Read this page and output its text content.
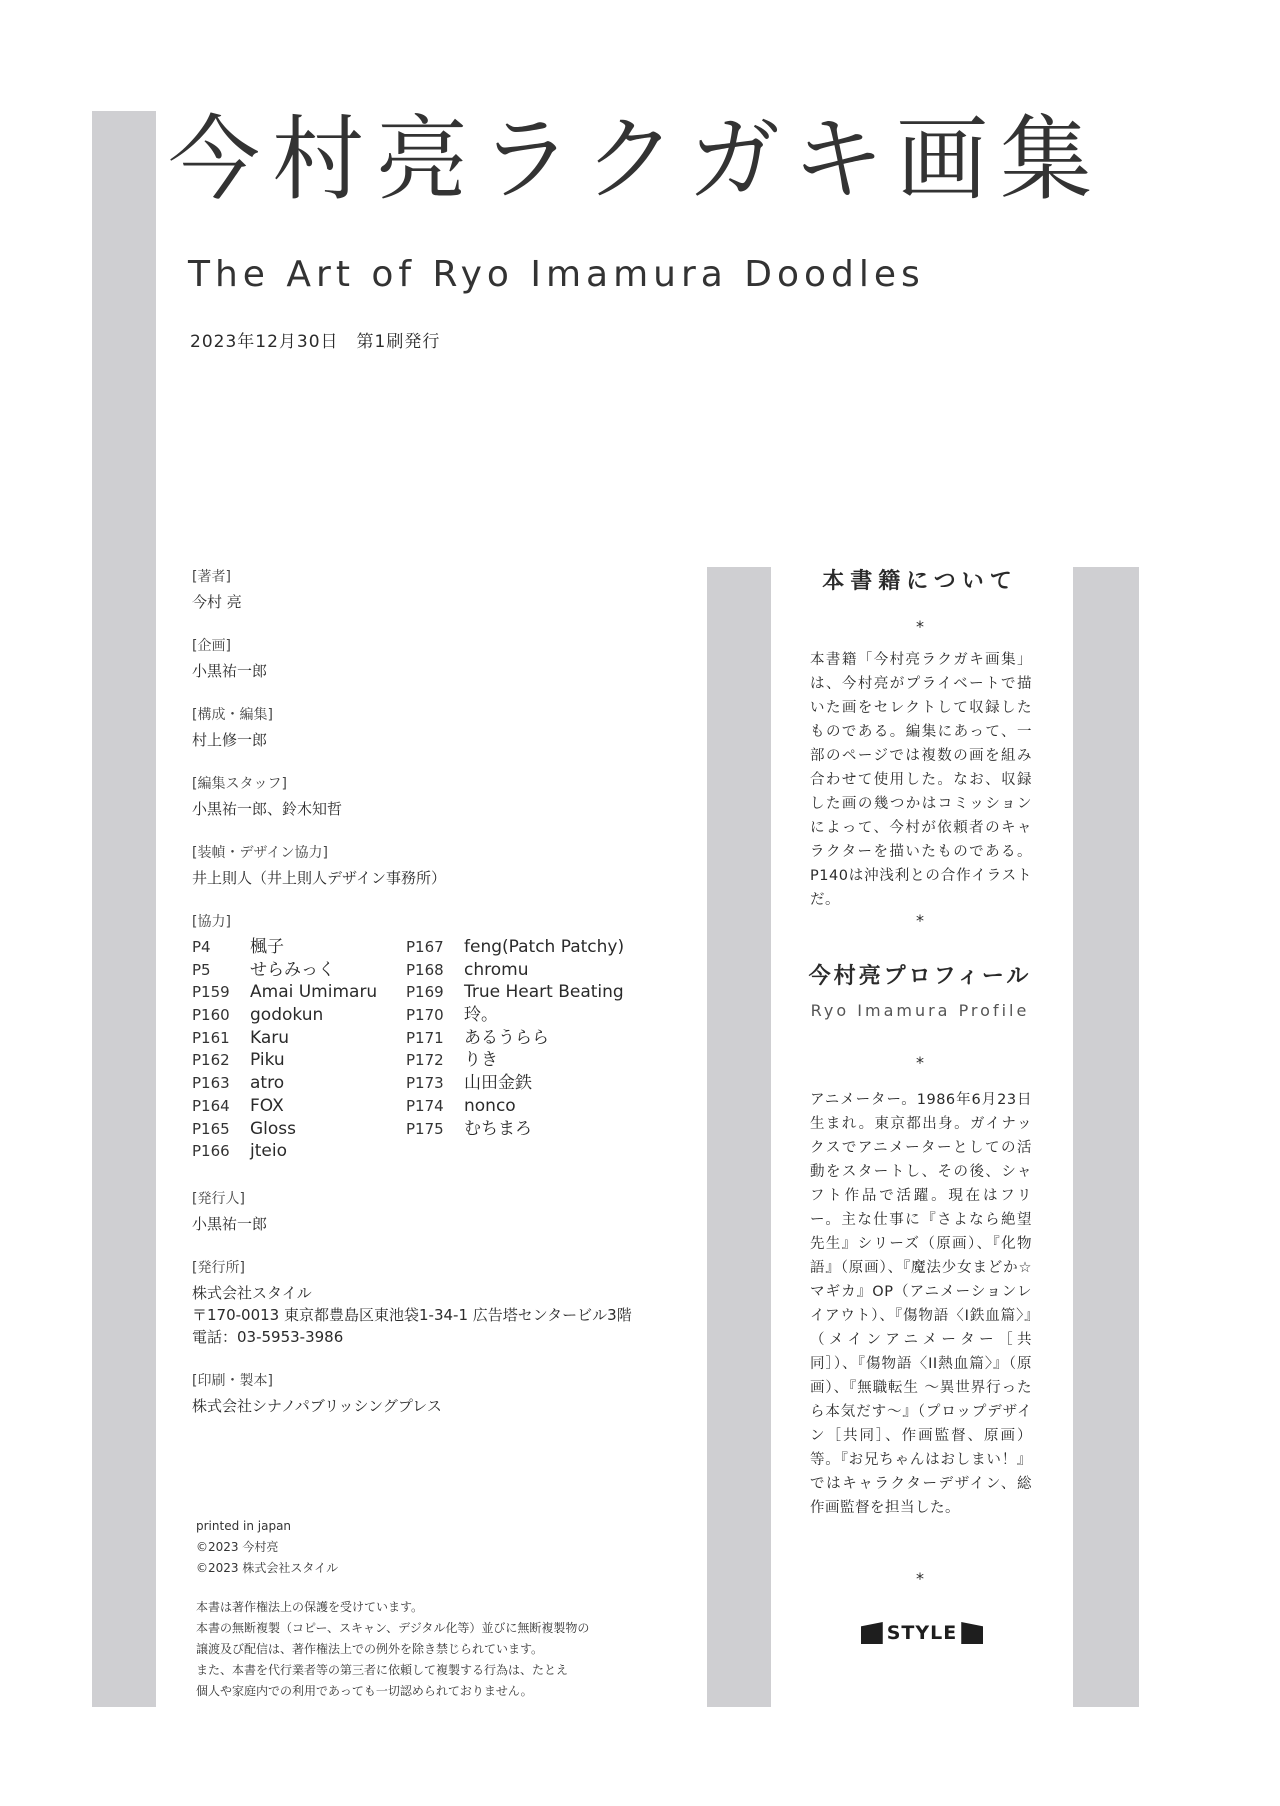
今村亮ラクガキ画集
The Art of Ryo Imamura Doodles
2023年12月30日　第1刷発行
[著者]
今村 亮
[企画]
小黒祐一郎
[構成・編集]
村上修一郎
[編集スタッフ]
小黒祐一郎、鈴木知哲
[装幀・デザイン協力]
井上則人（井上則人デザイン事務所）
[協力]
P4	楓子
P5	せらみっく
P159	Amai Umimaru
P160	godokun
P161	Karu
P162	Piku
P163	atro
P164	FOX
P165	Gloss
P166	jteio
P167	feng(Patch Patchy)
P168	chromu
P169	True Heart Beating
P170	玲。
P171	あるうらら
P172	りき
P173	山田金鉄
P174	nonco
P175	むちまろ
[発行人]
小黒祐一郎
[発行所]
株式会社スタイル
〒170-0013 東京都豊島区東池袋1-34-1 広告塔センタービル3階
電話：03-5953-3986
[印刷・製本]
株式会社シナノパブリッシングプレス
printed in japan
©2023 今村亮
©2023 株式会社スタイル
本書は著作権法上の保護を受けています。
本書の無断複製（コピー、スキャン、デジタル化等）並びに無断複製物の
譲渡及び配信は、著作権法上での例外を除き禁じられています。
また、本書を代行業者等の第三者に依頼して複製する行為は、たとえ
個人や家庭内での利用であっても一切認められておりません。
本書籍について
*
本書籍「今村亮ラクガキ画集」は、今村亮がプライベートで描いた画をセレクトして収録したものである。編集にあって、一部のページでは複数の画を組み合わせて使用した。なお、収録した画の幾つかはコミッションによって、今村が依頼者のキャラクターを描いたものである。P140は沖浅利との合作イラストだ。
*
今村亮プロフィール
Ryo Imamura Profile
*
アニメーター。1986年6月23日生まれ。東京都出身。ガイナックスでアニメーターとしての活動をスタートし、その後、シャフト作品で活躍。現在はフリー。主な仕事に『さよなら絶望先生』シリーズ（原画）、『化物語』（原画）、『魔法少女まどか☆マギカ』OP（アニメーションレイアウト）、『傷物語〈I鉄血篇〉』（メインアニメーター［共同］）、『傷物語〈II熱血篇〉』（原画）、『無職転生 〜異世界行ったら本気だす〜』（プロップデザイン［共同］、作画監督、原画）等。『お兄ちゃんはおしまい！』ではキャラクターデザイン、総作画監督を担当した。
*
STYLE
